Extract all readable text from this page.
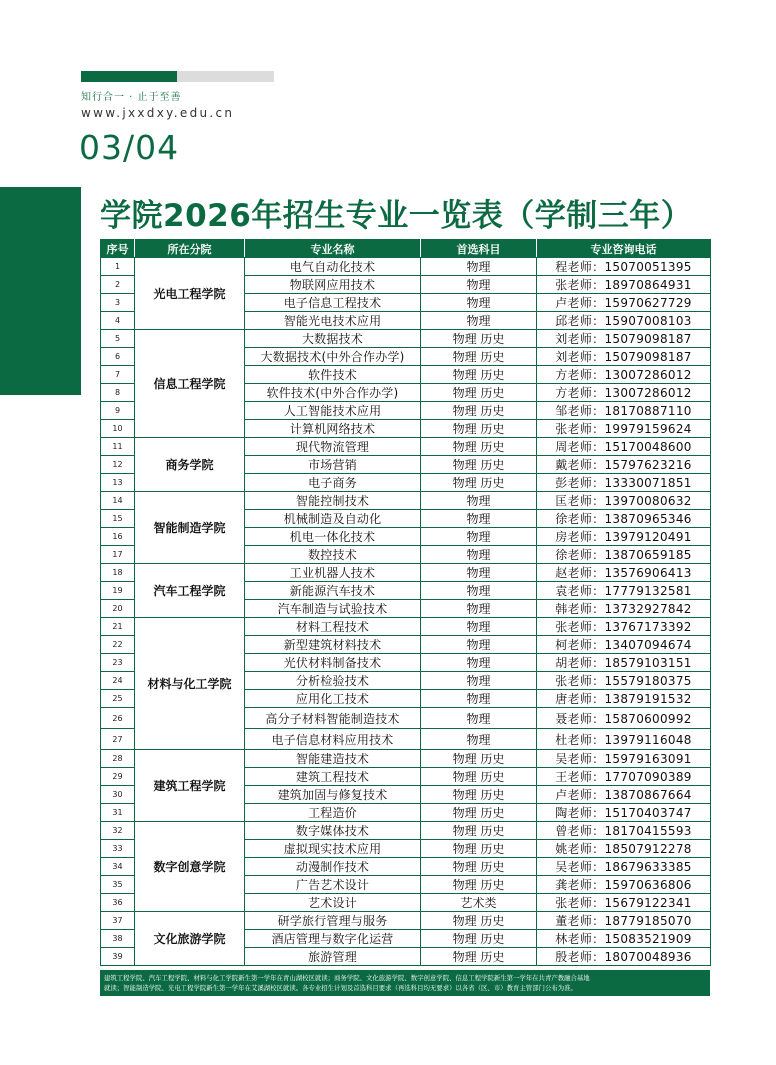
知行合一 · 止于至善
www.jxxdxy.edu.cn
03/04
学院2026年招生专业一览表（学制三年）
序号	所在分院	专业名称	首选科目	专业咨询电话
1	光电工程学院	电气自动化技术	物理	程老师：15070051395
2		物联网应用技术	物理	张老师：18970864931
3		电子信息工程技术	物理	卢老师：15970627729
4		智能光电技术应用	物理	邱老师：15907008103
5	信息工程学院	大数据技术	物理 历史	刘老师：15079098187
6		大数据技术(中外合作办学)	物理 历史	刘老师：15079098187
7		软件技术	物理 历史	方老师：13007286012
8		软件技术(中外合作办学)	物理 历史	方老师：13007286012
9		人工智能技术应用	物理 历史	邹老师：18170887110
10		计算机网络技术	物理 历史	张老师：19979159624
11	商务学院	现代物流管理	物理 历史	周老师：15170048600
12		市场营销	物理 历史	戴老师：15797623216
13		电子商务	物理 历史	彭老师：13330071851
14	智能制造学院	智能控制技术	物理	匡老师：13970080632
15		机械制造及自动化	物理	徐老师：13870965346
16		机电一体化技术	物理	房老师：13979120491
17		数控技术	物理	徐老师：13870659185
18	汽车工程学院	工业机器人技术	物理	赵老师：13576906413
19		新能源汽车技术	物理	袁老师：17779132581
20		汽车制造与试验技术	物理	韩老师：13732927842
21	材料与化工学院	材料工程技术	物理	张老师：13767173392
22		新型建筑材料技术	物理	柯老师：13407094674
23		光伏材料制备技术	物理	胡老师：18579103151
24		分析检验技术	物理	张老师：15579180375
25		应用化工技术	物理	唐老师：13879191532
26		高分子材料智能制造技术	物理	聂老师：15870600992
27		电子信息材料应用技术	物理	杜老师：13979116048
28	建筑工程学院	智能建造技术	物理 历史	吴老师：15979163091
29		建筑工程技术	物理 历史	王老师：17707090389
30		建筑加固与修复技术	物理 历史	卢老师：13870867664
31		工程造价	物理 历史	陶老师：15170403747
32	数字创意学院	数字媒体技术	物理 历史	曾老师：18170415593
33		虚拟现实技术应用	物理 历史	姚老师：18507912278
34		动漫制作技术	物理 历史	吴老师：18679633385
35		广告艺术设计	物理 历史	龚老师：15970636806
36		艺术设计	艺术类	张老师：15679122341
37	文化旅游学院	研学旅行管理与服务	物理 历史	董老师：18779185070
38		酒店管理与数字化运营	物理 历史	林老师：15083521909
39		旅游管理	物理 历史	殷老师：18070048936
建筑工程学院、汽车工程学院、材料与化工学院新生第一学年在青山湖校区就读；商务学院、文化旅游学院、数字创意学院、信息工程学院新生第一学年在共青产教融合基地
就读；智能制造学院、光电工程学院新生第一学年在艾溪湖校区就读。各专业招生计划及首选科目要求（再选科目均无要求）以各省（区、市）教育主管部门公布为准。
